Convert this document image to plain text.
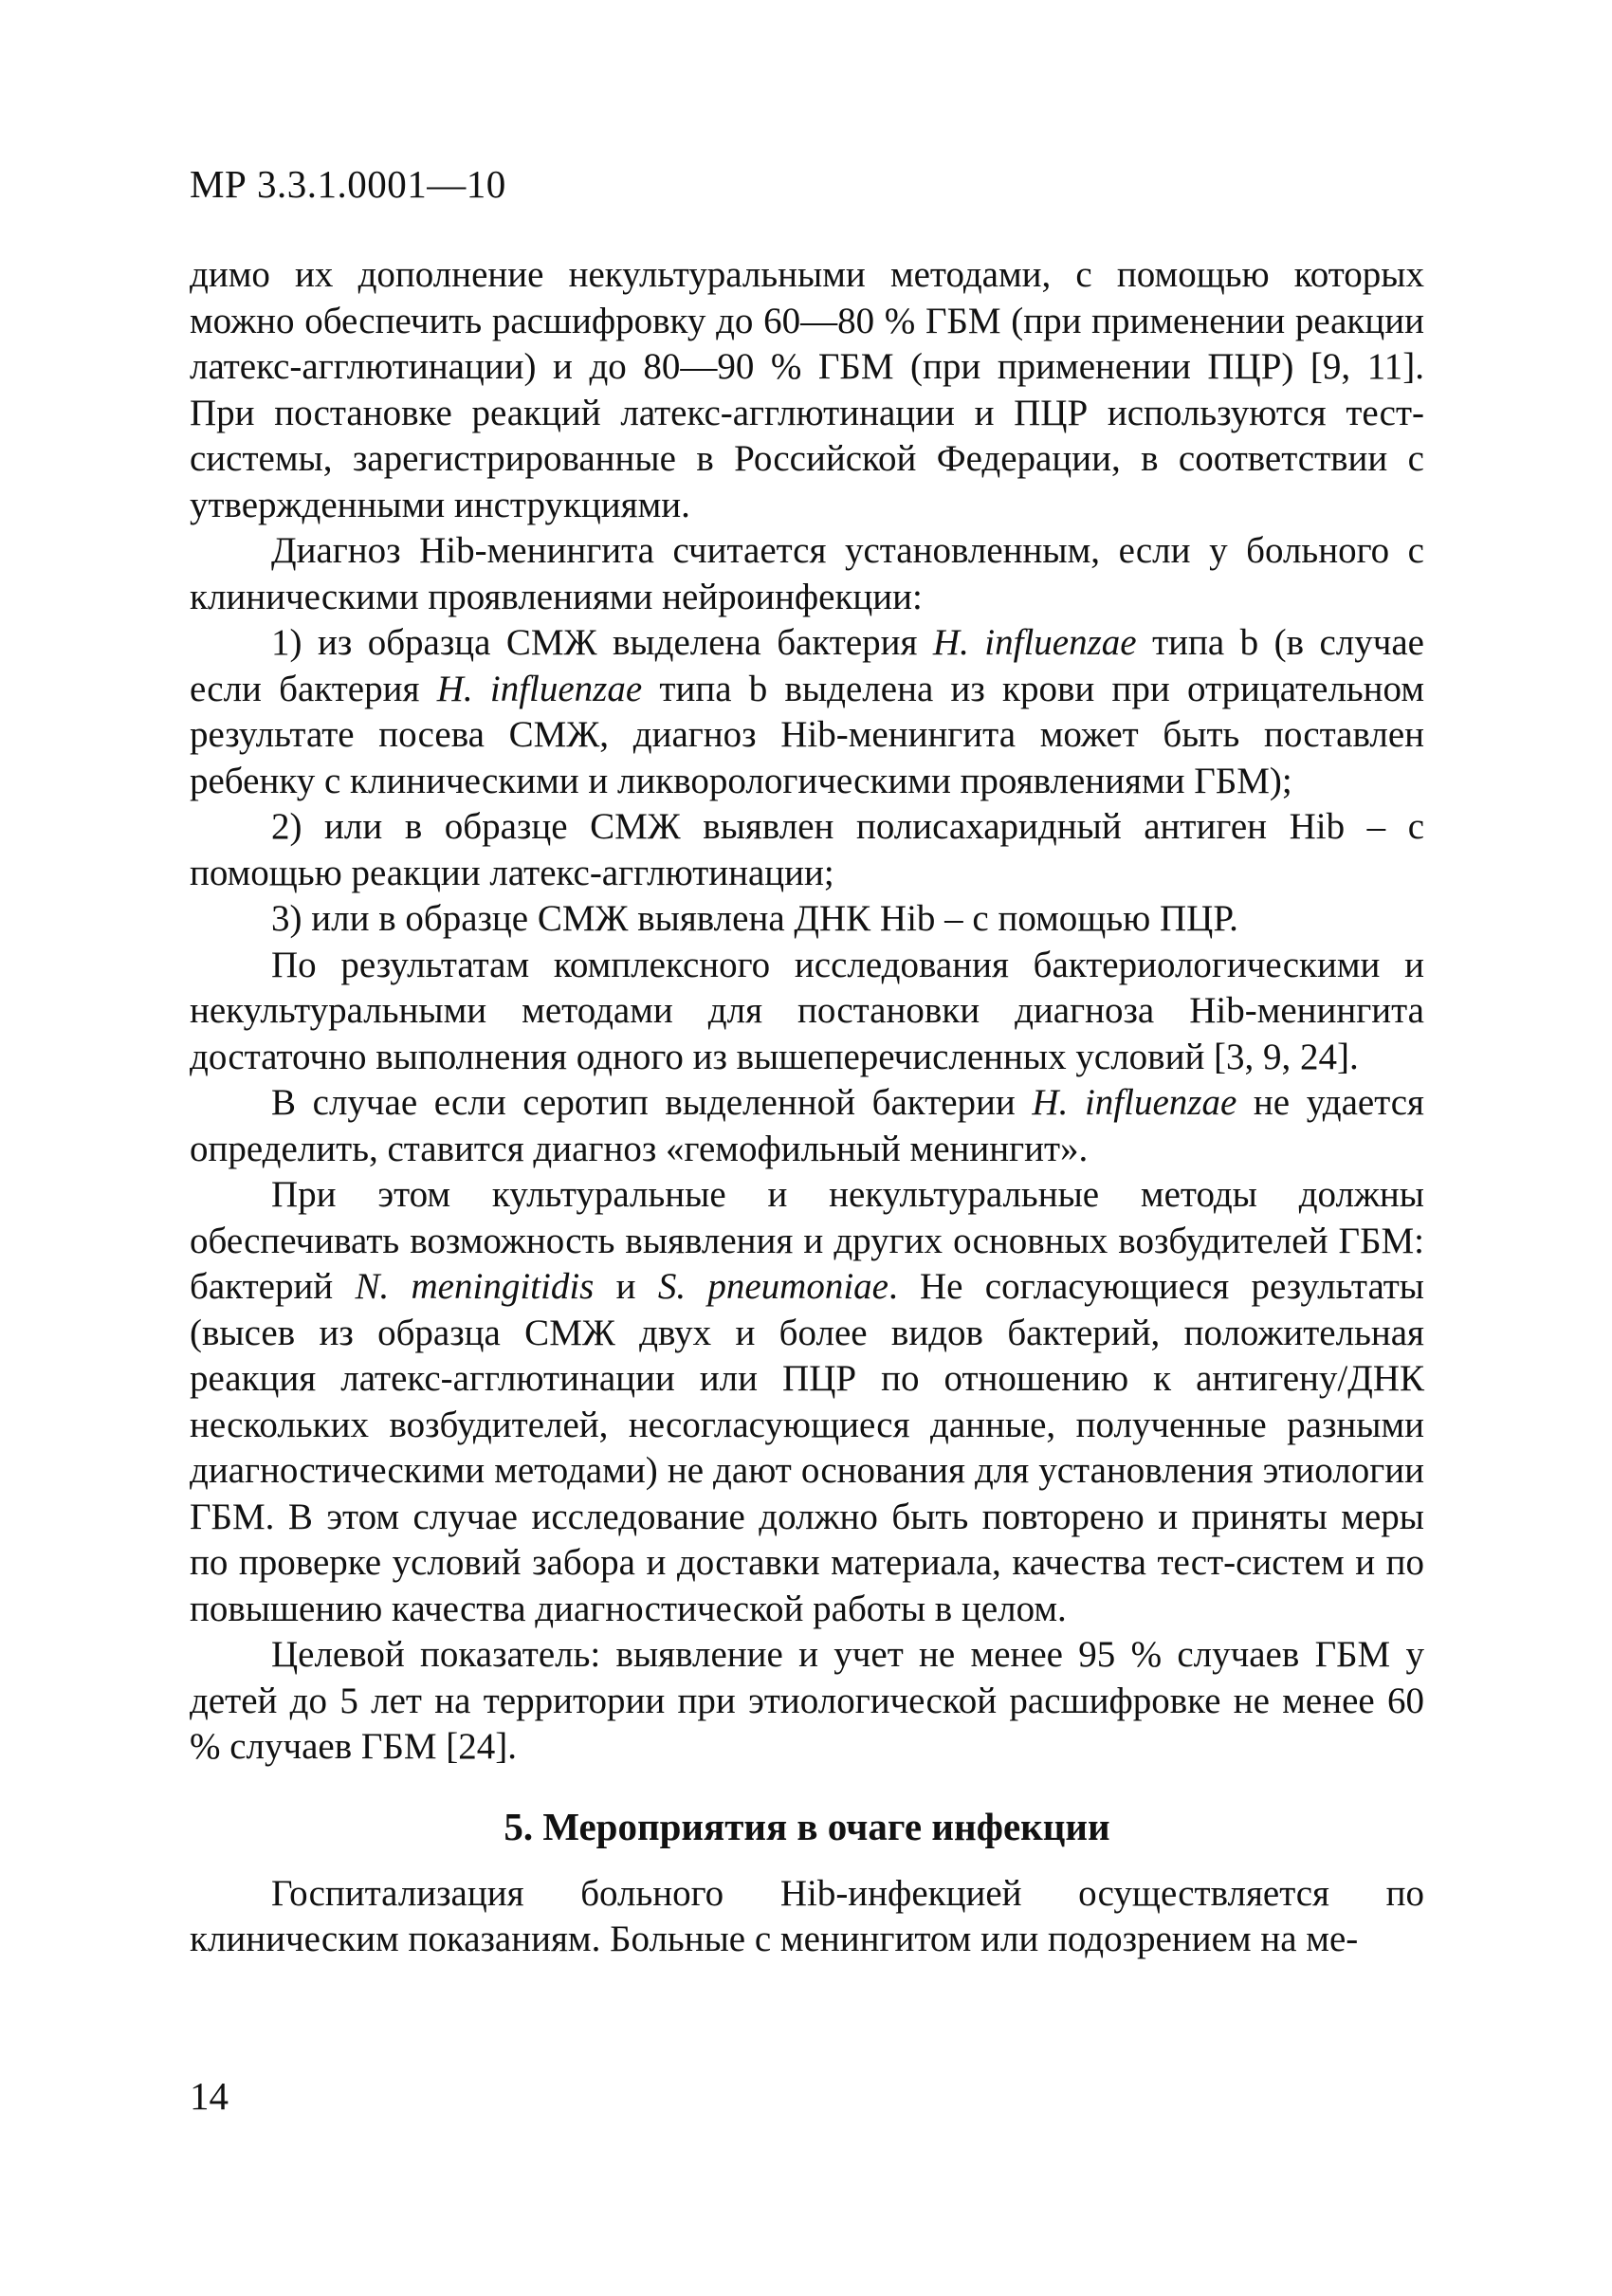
МР 3.3.1.0001—10

димо их дополнение некультуральными методами, с помощью которых можно обеспечить расшифровку до 60—80 % ГБМ (при применении реакции латекс-агглютинации) и до 80—90 % ГБМ (при применении ПЦР) [9, 11]. При постановке реакций латекс-агглютинации и ПЦР используются тест-системы, зарегистрированные в Российской Федерации, в соответствии с утвержденными инструкциями.

Диагноз Hib-менингита считается установленным, если у больного с клиническими проявлениями нейроинфекции:

1) из образца СМЖ выделена бактерия H. influenzae типа b (в случае если бактерия H. influenzae типа b выделена из крови при отрицательном результате посева СМЖ, диагноз Hib-менингита может быть поставлен ребенку с клиническими и ликворологическими проявлениями ГБМ);

2) или в образце СМЖ выявлен полисахаридный антиген Hib – с помощью реакции латекс-агглютинации;

3) или в образце СМЖ выявлена ДНК Hib – с помощью ПЦР.

По результатам комплексного исследования бактериологическими и некультуральными методами для постановки диагноза Hib-менингита достаточно выполнения одного из вышеперечисленных условий [3, 9, 24].

В случае если серотип выделенной бактерии H. influenzae не удается определить, ставится диагноз «гемофильный менингит».

При этом культуральные и некультуральные методы должны обеспечивать возможность выявления и других основных возбудителей ГБМ: бактерий N. meningitidis и S. pneumoniae. Не согласующиеся результаты (высев из образца СМЖ двух и более видов бактерий, положительная реакция латекс-агглютинации или ПЦР по отношению к антигену/ДНК нескольких возбудителей, несогласующиеся данные, полученные разными диагностическими методами) не дают основания для установления этиологии ГБМ. В этом случае исследование должно быть повторено и приняты меры по проверке условий забора и доставки материала, качества тест-систем и по повышению качества диагностической работы в целом.

Целевой показатель: выявление и учет не менее 95 % случаев ГБМ у детей до 5 лет на территории при этиологической расшифровке не менее 60 % случаев ГБМ [24].

5. Мероприятия в очаге инфекции

Госпитализация больного Hib-инфекцией осуществляется по клиническим показаниям. Больные с менингитом или подозрением на ме-

14
